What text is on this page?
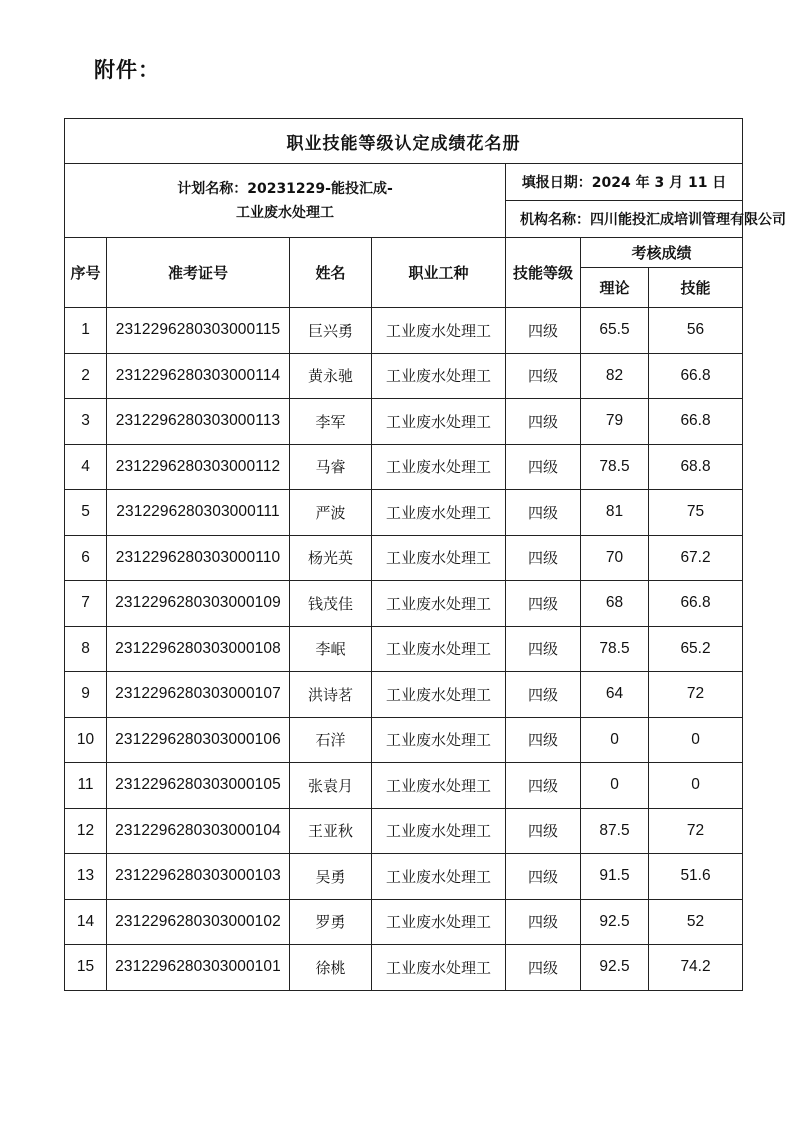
附件：
职业技能等级认定成绩花名册						
计划名称：20231229-能投汇成-
工业废水处理工				填报日期：2024 年 3 月 11 日		
				机构名称：四川能投汇成培训管理有限公司		
序号	准考证号	姓名	职业工种	技能等级	考核成绩	
					理论	技能
1	2312296280303000115	巨兴勇	工业废水处理工	四级	65.5	56
2	2312296280303000114	黄永驰	工业废水处理工	四级	82	66.8
3	2312296280303000113	李军	工业废水处理工	四级	79	66.8
4	2312296280303000112	马睿	工业废水处理工	四级	78.5	68.8
5	2312296280303000111	严波	工业废水处理工	四级	81	75
6	2312296280303000110	杨光英	工业废水处理工	四级	70	67.2
7	2312296280303000109	钱茂佳	工业废水处理工	四级	68	66.8
8	2312296280303000108	李岷	工业废水处理工	四级	78.5	65.2
9	2312296280303000107	洪诗茗	工业废水处理工	四级	64	72
10	2312296280303000106	石洋	工业废水处理工	四级	0	0
11	2312296280303000105	张袁月	工业废水处理工	四级	0	0
12	2312296280303000104	王亚秋	工业废水处理工	四级	87.5	72
13	2312296280303000103	吴勇	工业废水处理工	四级	91.5	51.6
14	2312296280303000102	罗勇	工业废水处理工	四级	92.5	52
15	2312296280303000101	徐桃	工业废水处理工	四级	92.5	74.2
